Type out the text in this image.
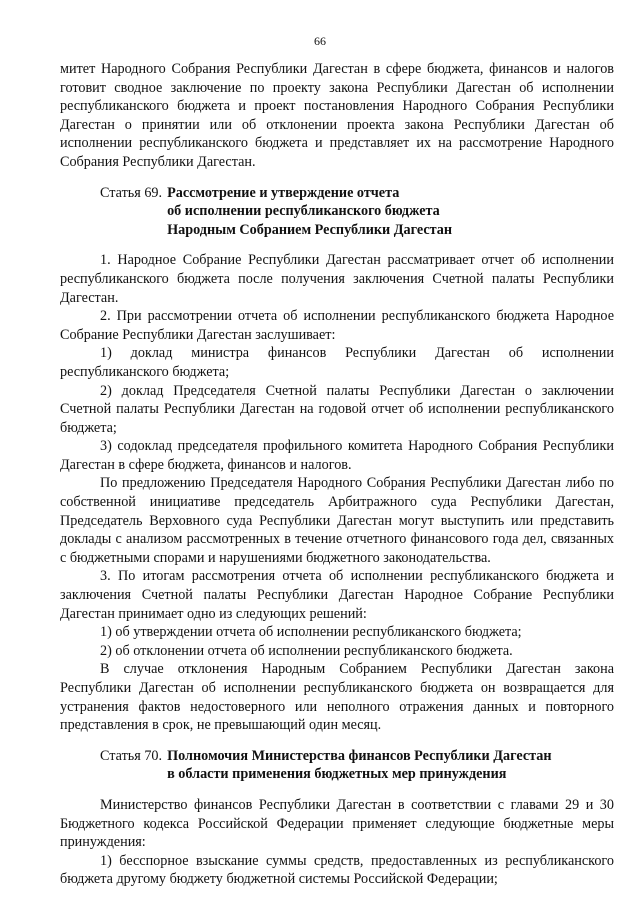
66

митет Народного Собрания Республики Дагестан в сфере бюджета, финансов и налогов готовит сводное заключение по проекту закона Республики Дагестан об исполнении республиканского бюджета и проект постановления Народного Собрания Республики Дагестан о принятии или об отклонении проекта закона Республики Дагестан об исполнении республиканского бюджета и представляет их на рассмотрение Народного Собрания Республики Дагестан.

Статья 69. Рассмотрение и утверждение отчета
об исполнении республиканского бюджета
Народным Собранием Республики Дагестан

1. Народное Собрание Республики Дагестан рассматривает отчет об исполнении республиканского бюджета после получения заключения Счетной палаты Республики Дагестан.

2. При рассмотрении отчета об исполнении республиканского бюджета Народное Собрание Республики Дагестан заслушивает:

1) доклад министра финансов Республики Дагестан об исполнении республиканского бюджета;

2) доклад Председателя Счетной палаты Республики Дагестан о заключении Счетной палаты Республики Дагестан на годовой отчет об исполнении республиканского бюджета;

3) содоклад председателя профильного комитета Народного Собрания Республики Дагестан в сфере бюджета, финансов и налогов.

По предложению Председателя Народного Собрания Республики Дагестан либо по собственной инициативе председатель Арбитражного суда Республики Дагестан, Председатель Верховного суда Республики Дагестан могут выступить или представить доклады с анализом рассмотренных в течение отчетного финансового года дел, связанных с бюджетными спорами и нарушениями бюджетного законодательства.

3. По итогам рассмотрения отчета об исполнении республиканского бюджета и заключения Счетной палаты Республики Дагестан Народное Собрание Республики Дагестан принимает одно из следующих решений:

1) об утверждении отчета об исполнении республиканского бюджета;

2) об отклонении отчета об исполнении республиканского бюджета.

В случае отклонения Народным Собранием Республики Дагестан закона Республики Дагестан об исполнении республиканского бюджета он возвращается для устранения фактов недостоверного или неполного отражения данных и повторного представления в срок, не превышающий один месяц.

Статья 70. Полномочия Министерства финансов Республики Дагестан
в области применения бюджетных мер принуждения

Министерство финансов Республики Дагестан в соответствии с главами 29 и 30 Бюджетного кодекса Российской Федерации применяет следующие бюджетные меры принуждения:

1) бесспорное взыскание суммы средств, предоставленных из республиканского бюджета другому бюджету бюджетной системы Российской Федерации;
